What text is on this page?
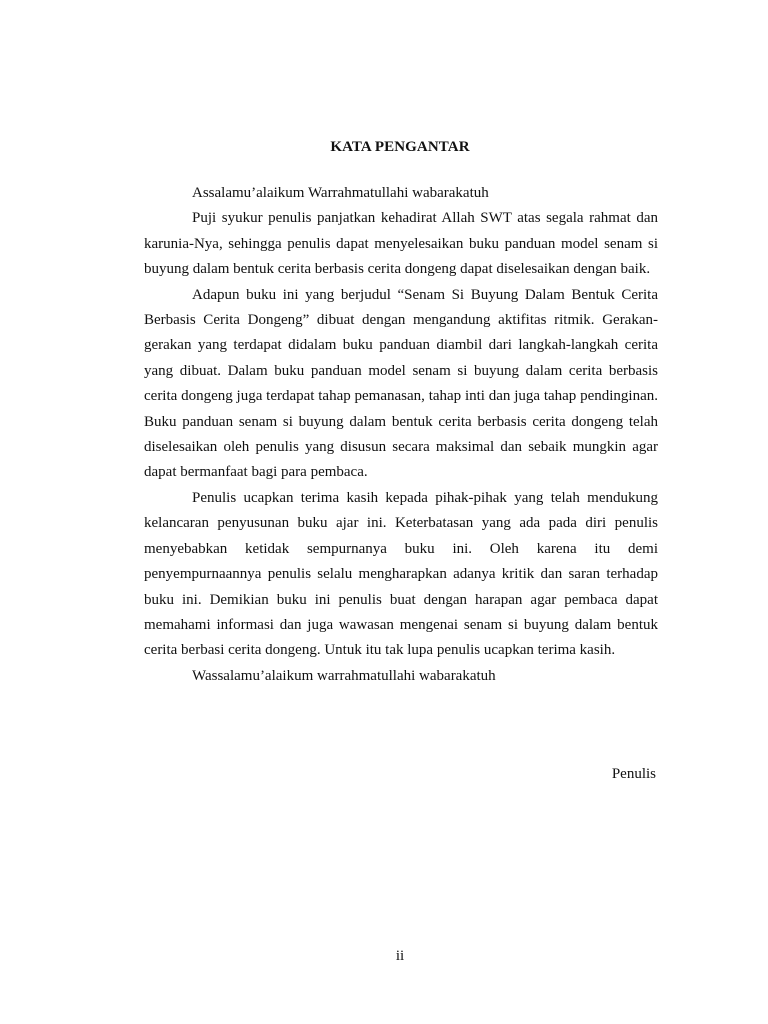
KATA PENGANTAR

Assalamu’alaikum Warrahmatullahi wabarakatuh

Puji syukur penulis panjatkan kehadirat Allah SWT atas segala rahmat dan karunia-Nya, sehingga penulis dapat menyelesaikan buku panduan model senam si buyung dalam bentuk cerita berbasis cerita dongeng dapat diselesaikan dengan baik.

Adapun buku ini yang berjudul “Senam Si Buyung Dalam Bentuk Cerita Berbasis Cerita Dongeng” dibuat dengan mengandung aktifitas ritmik. Gerakan-gerakan yang terdapat didalam buku panduan diambil dari langkah-langkah cerita yang dibuat. Dalam buku panduan model senam si buyung dalam cerita berbasis cerita dongeng juga terdapat tahap pemanasan, tahap inti dan juga tahap pendinginan. Buku panduan senam si buyung dalam bentuk cerita berbasis cerita dongeng telah diselesaikan oleh penulis yang disusun secara maksimal dan sebaik mungkin agar dapat bermanfaat bagi para pembaca.

Penulis ucapkan terima kasih kepada pihak-pihak yang telah mendukung kelancaran penyusunan buku ajar ini. Keterbatasan yang ada pada diri penulis menyebabkan ketidak sempurnanya buku ini. Oleh karena itu demi penyempurnaannya penulis selalu mengharapkan adanya kritik dan saran terhadap buku ini. Demikian buku ini penulis buat dengan harapan agar pembaca dapat memahami informasi dan juga wawasan mengenai senam si buyung dalam bentuk cerita berbasi cerita dongeng. Untuk itu tak lupa penulis ucapkan terima kasih.

Wassalamu’alaikum warrahmatullahi wabarakatuh

Penulis
ii
